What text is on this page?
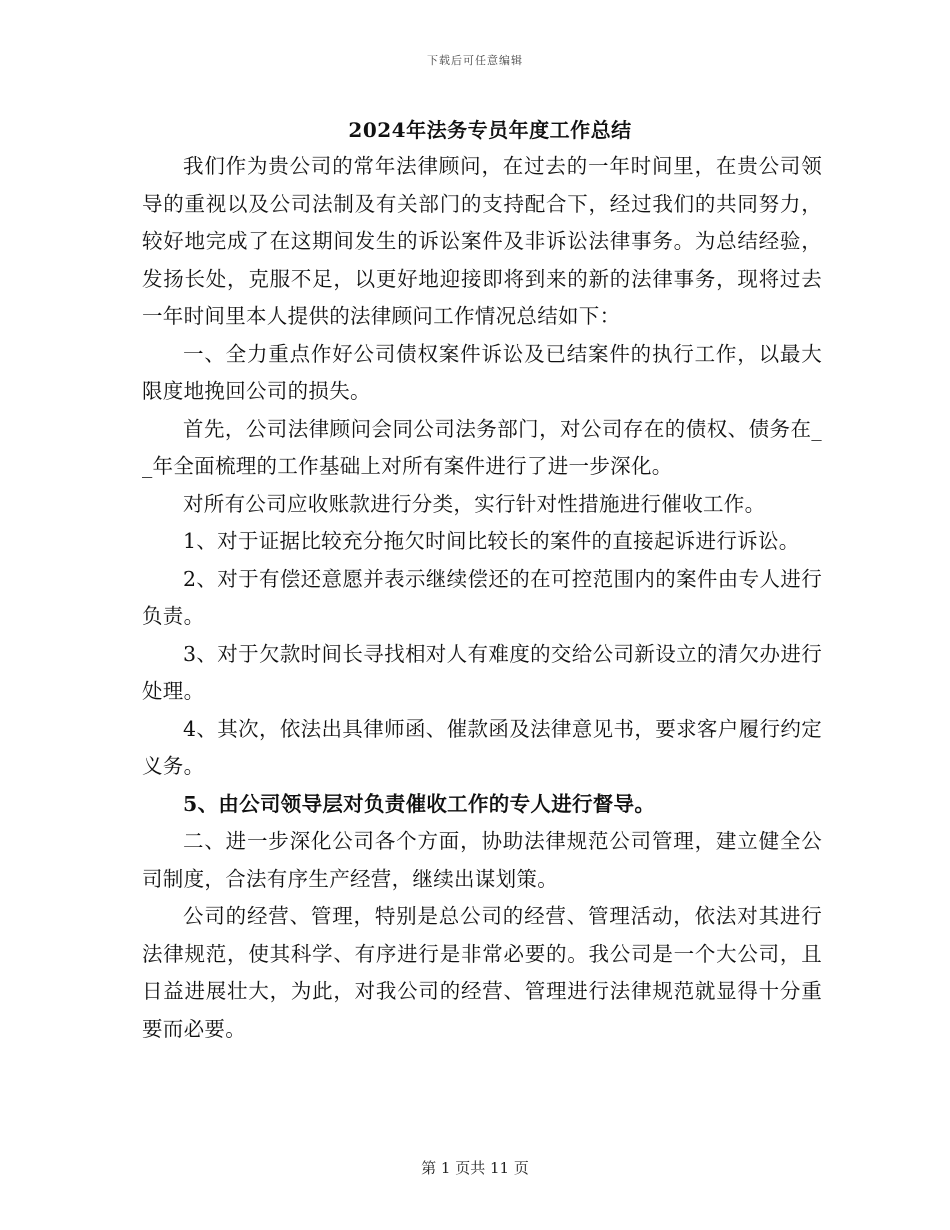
下载后可任意编辑
2024年法务专员年度工作总结

我们作为贵公司的常年法律顾问，在过去的一年时间里，在贵公司领导的重视以及公司法制及有关部门的支持配合下，经过我们的共同努力，较好地完成了在这期间发生的诉讼案件及非诉讼法律事务。为总结经验，发扬长处，克服不足，以更好地迎接即将到来的新的法律事务，现将过去一年时间里本人提供的法律顾问工作情况总结如下：

一、全力重点作好公司债权案件诉讼及已结案件的执行工作，以最大限度地挽回公司的损失。

首先，公司法律顾问会同公司法务部门，对公司存在的债权、债务在__年全面梳理的工作基础上对所有案件进行了进一步深化。

对所有公司应收账款进行分类，实行针对性措施进行催收工作。

1、对于证据比较充分拖欠时间比较长的案件的直接起诉进行诉讼。

2、对于有偿还意愿并表示继续偿还的在可控范围内的案件由专人进行负责。

3、对于欠款时间长寻找相对人有难度的交给公司新设立的清欠办进行处理。

4、其次，依法出具律师函、催款函及法律意见书，要求客户履行约定义务。

5、由公司领导层对负责催收工作的专人进行督导。

二、进一步深化公司各个方面，协助法律规范公司管理，建立健全公司制度，合法有序生产经营，继续出谋划策。

公司的经营、管理，特别是总公司的经营、管理活动，依法对其进行法律规范，使其科学、有序进行是非常必要的。我公司是一个大公司，且日益进展壮大，为此，对我公司的经营、管理进行法律规范就显得十分重要而必要。

第 1 页共 11 页
